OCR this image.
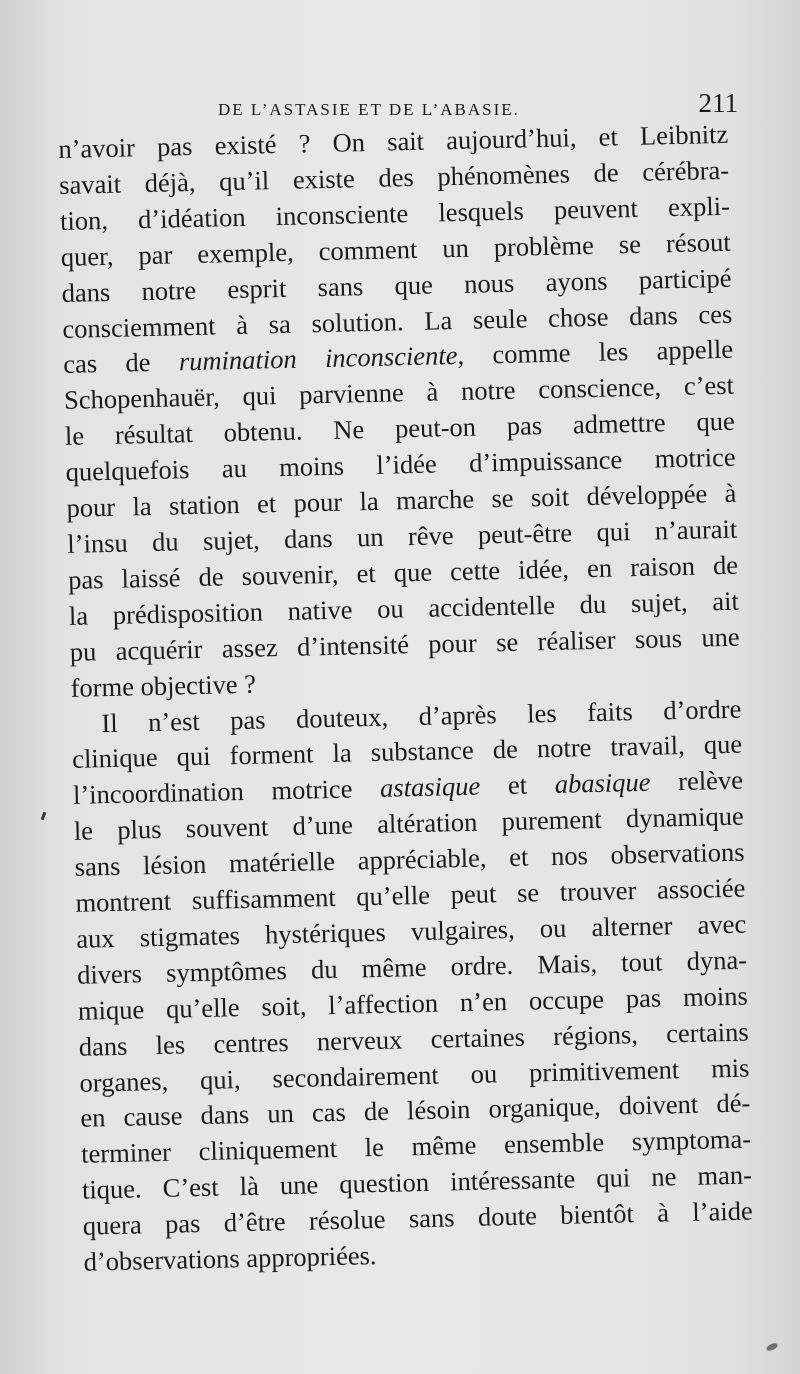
DE L’ASTASIE ET DE L’ABASIE.	211

n’avoir pas existé ? On sait aujourd’hui, et Leibnitz
savait déjà, qu’il existe des phénomènes de cérébra-
tion, d’idéation inconsciente lesquels peuvent expli-
quer, par exemple, comment un problème se résout
dans notre esprit sans que nous ayons participé
consciemment à sa solution. La seule chose dans ces
cas de rumination inconsciente, comme les appelle
Schopenhauër, qui parvienne à notre conscience, c’est
le résultat obtenu. Ne peut-on pas admettre que
quelquefois au moins l’idée d’impuissance motrice
pour la station et pour la marche se soit développée à
l’insu du sujet, dans un rêve peut-être qui n’aurait
pas laissé de souvenir, et que cette idée, en raison de
la prédisposition native ou accidentelle du sujet, ait
pu acquérir assez d’intensité pour se réaliser sous une
forme objective ?

Il n’est pas douteux, d’après les faits d’ordre
clinique qui forment la substance de notre travail, que
l’incoordination motrice astasique et abasique relève
le plus souvent d’une altération purement dynamique
sans lésion matérielle appréciable, et nos observations
montrent suffisamment qu’elle peut se trouver associée
aux stigmates hystériques vulgaires, ou alterner avec
divers symptômes du même ordre. Mais, tout dyna-
mique qu’elle soit, l’affection n’en occupe pas moins
dans les centres nerveux certaines régions, certains
organes, qui, secondairement ou primitivement mis
en cause dans un cas de lésoin organique, doivent dé-
terminer cliniquement le même ensemble symptoma-
tique. C’est là une question intéressante qui ne man-
quera pas d’être résolue sans doute bientôt à l’aide
d’observations appropriées.
